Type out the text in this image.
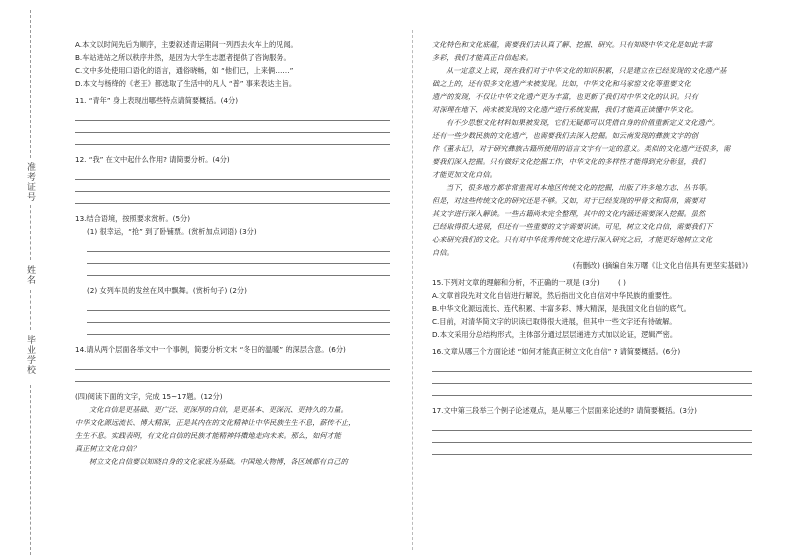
准考证号
姓名
毕业学校
A.本文以时间先后为顺序，主要叙述青运期间一列西去火车上的见闻。
B.车站进站之所以秩序井然，是因为大学生志愿者提供了咨询服务。
C.文中多处使用口语化的语言，通俗晓畅，如 “他们已，上来俩……”
D.本文与杨绛的《老王》都选取了生活中的凡人 “普” 事来表达主旨。
11. “青年” 身上表现出哪些特点请简要概括。(4分)
12. “我” 在文中起什么作用? 请简要分析。(4分)
13.结合语境，按照要求赏析。(5分)
(1) 很幸运，“抢” 到了卧铺票。(赏析加点词语) (3分)
(2) 女列车员的发丝在风中飘舞。(赏析句子) (2分)
14.请从两个层面各举文中一个事例，简要分析文末 “冬日的温暖” 的深层含意。(6分)
(四)阅读下面的文字，完成 15~17题。(12分)
文化自信是更基础、更广泛、更深厚的自信，是更基本、更深沉、更持久的力量。
中华文化源远流长、博大精深，正是其内在的文化精神让中华民族生生不息，薪传不止，
生生不息。实践表明，有文化自信的民族才能精神抖擞地走向未来。那么，如何才能
真正树立文化自信？
树立文化自信要以知晓自身的文化家底为基础。中国地大物博，各区域都有自己的
文化特色和文化底蕴，需要我们去认真了解、挖掘、研究。只有知晓中华文化是如此丰富
多彩，我们才能真正自信起来。
从一定意义上说，现在我们对于中华文化的知识积累，只是建立在已经发现的文化遗产基
础之上的，还有很多文化遗产未被发现。比如，中华文化和马家窑文化等重要文化
遗产的发现，不仅让中华文化遗产更为丰富，也更新了我们对中华文化的认识。只有
对深埋在地下、尚未被发现的文化遗产进行系统发掘，我们才能真正读懂中华文化。
有不少思想文化材料如果被发现，它们无疑都可以凭借自身的价值重新定义文化遗产。
还有一些少数民族的文化遗产，也需要我们去深入挖掘。如云南发现的彝族文字的创
作《董永记》，对于研究彝族古籍所使用的语言文字有一定的意义。类似的文化遗产还很多，需
要我们深入挖掘。只有做好文化挖掘工作，中华文化的多样性才能得到充分彰显，我们
才能更加文化自信。
当下，很多地方都非常重视对本地区传统文化的挖掘，出版了许多地方志、丛书等。
但是，对这些传统文化的研究还是不够。又如，对于已经发现的甲骨文和简帛，需要对
其文字进行深入解读。一些古籍尚未完全整理，其中的文化内涵还需要深入挖掘。虽然
已经取得很大进展，但还有一些重要的文字需要识读。可见，树立文化自信，需要我们下
心来研究我们的文化。只有对中华优秀传统文化进行深入研究之后，才能更好地树立文化
自信。
(有删改) (摘编自朱万曙《让文化自信具有更坚实基础》)
15.下列对文章的理解和分析，不正确的一项是 (3分)	( )
A.文章首段先对文化自信进行解说，然后指出文化自信对中华民族的重要性。
B.中华文化源远流长、连代积累、丰富多彩、博大精深，是我国文化自信的底气。
C.目前，对清华简文字的识读已取得很大进展，但其中一些文字还有待破解。
D.本文采用分总结构形式，主体部分通过层层递进方式加以论证，逻辑严密。
16.文章从哪三个方面论述 “如何才能真正树立文化自信” ? 请简要概括。(6分)
17.文中第三段举三个例子论述观点，是从哪三个层面来论述的? 请简要概括。(3分)
